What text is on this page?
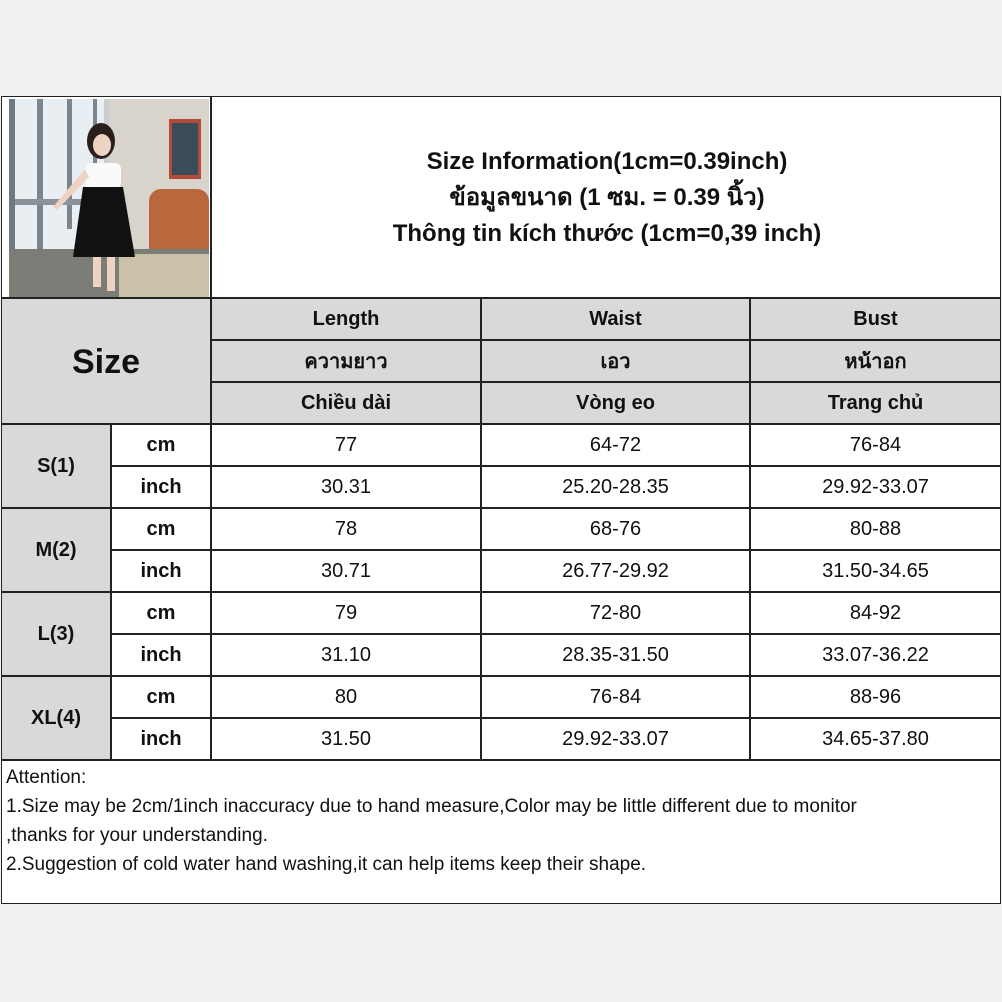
Size Information(1cm=0.39inch)
ข้อมูลขนาด (1 ซม. = 0.39 นิ้ว)
Thông tin kích thước (1cm=0,39 inch)
Size
Length	Waist	Bust
ความยาว	เอว	หน้าอก
Chiều dài	Vòng eo	Trang chủ
S(1)
cm	77	64-72	76-84
inch	30.31	25.20-28.35	29.92-33.07
M(2)
cm	78	68-76	80-88
inch	30.71	26.77-29.92	31.50-34.65
L(3)
cm	79	72-80	84-92
inch	31.10	28.35-31.50	33.07-36.22
XL(4)
cm	80	76-84	88-96
inch	31.50	29.92-33.07	34.65-37.80
Attention:
1.Size may be 2cm/1inch inaccuracy due to hand measure,Color may be little different due to monitor
,thanks for your understanding.
2.Suggestion of cold water hand washing,it can help items keep their shape.
